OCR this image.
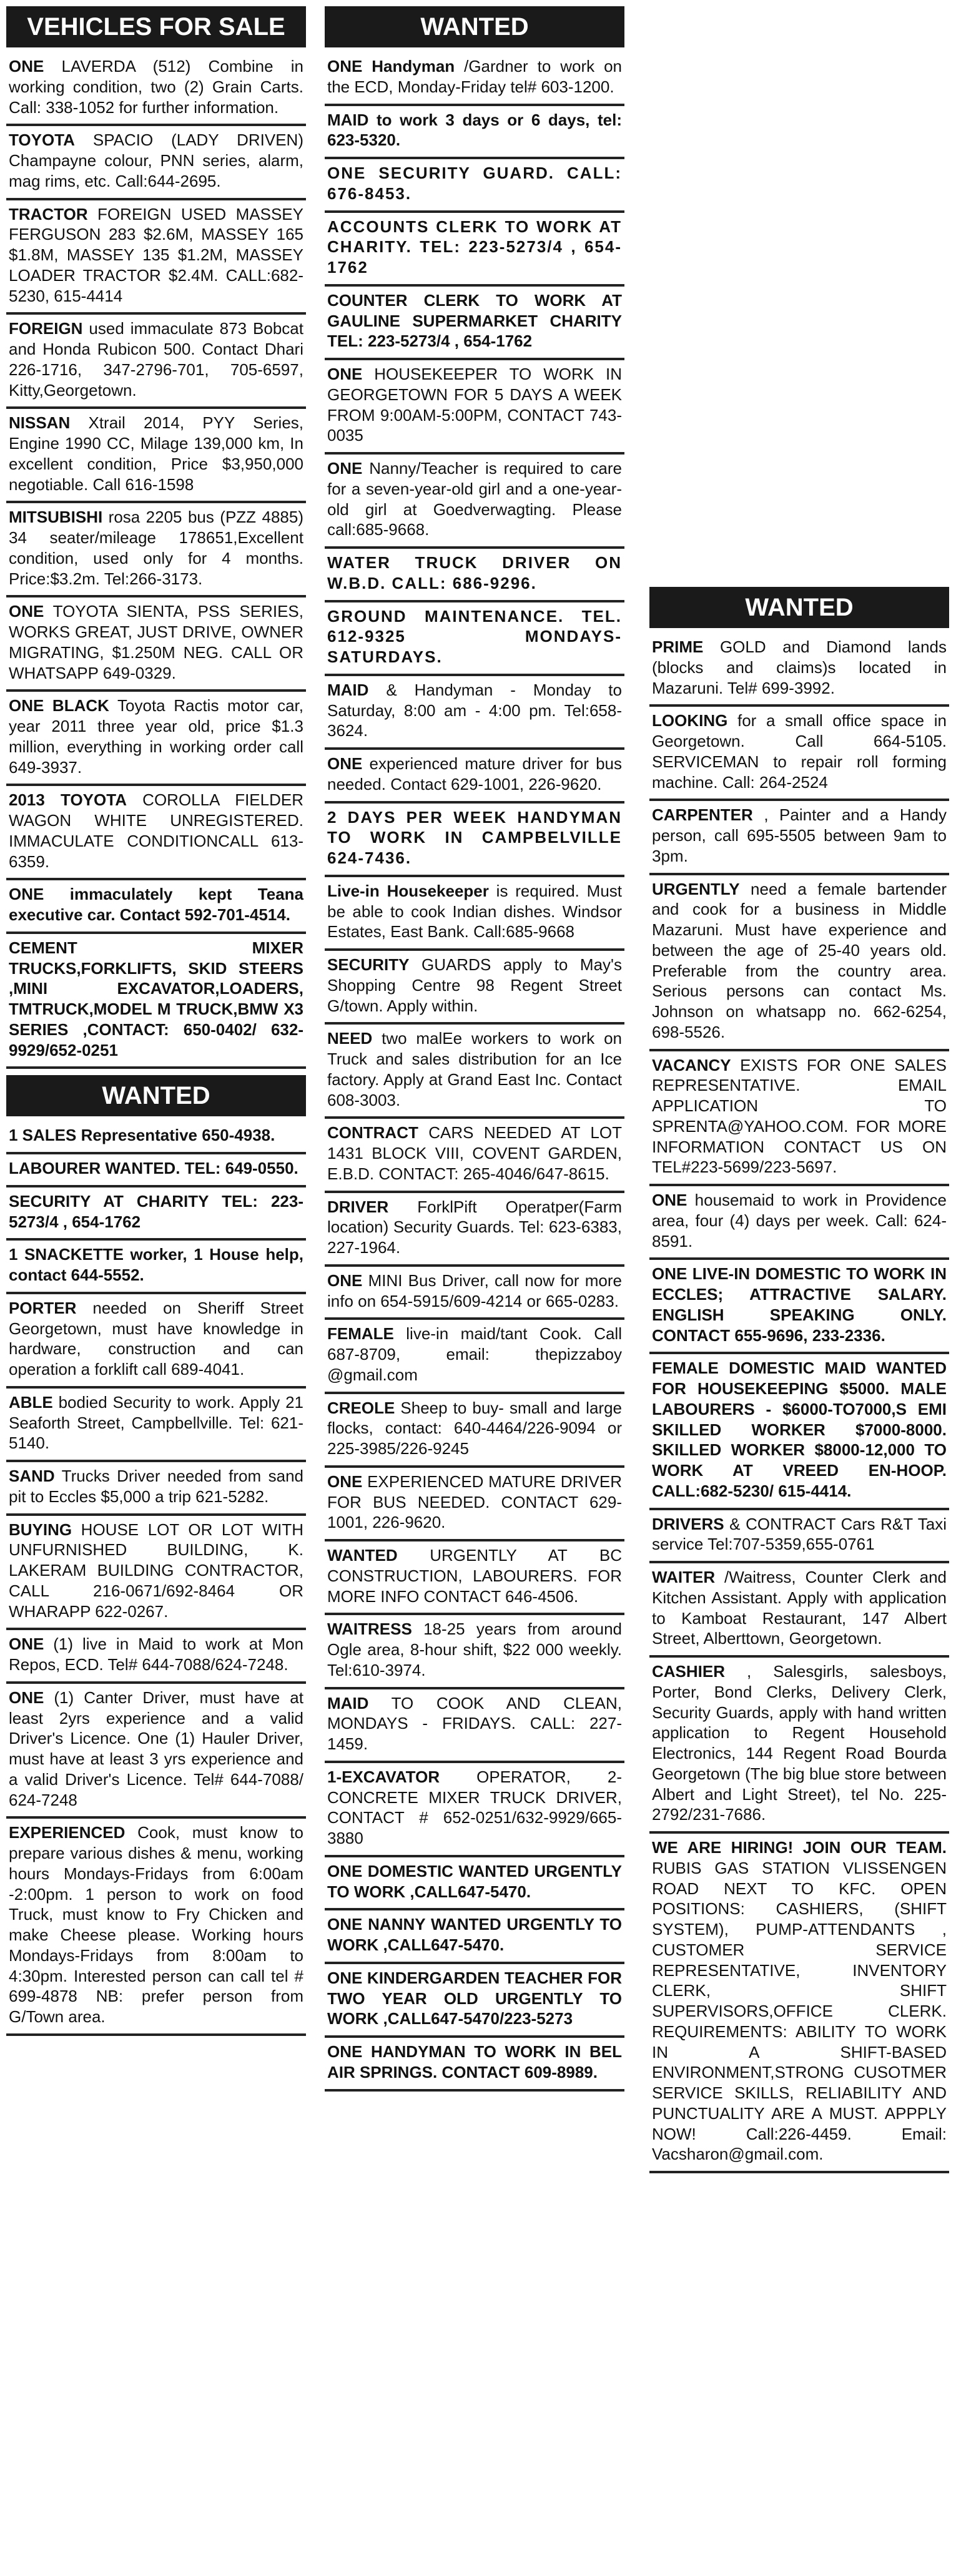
VEHICLES FOR SALE
ONE LAVERDA (512) Combine in working condition, two (2) Grain Carts. Call: 338-1052 for further information.
TOYOTA SPACIO (LADY DRIVEN) Champayne colour, PNN series, alarm, mag rims, etc. Call:644-2695.
TRACTOR FOREIGN USED MASSEY FERGUSON 283 $2.6M, MASSEY 165 $1.8M, MASSEY 135 $1.2M, MASSEY LOADER TRACTOR $2.4M. CALL:682-5230, 615-4414
FOREIGN used immaculate 873 Bobcat and Honda Rubicon 500. Contact Dhari 226-1716, 347-2796-701, 705-6597, Kitty,Georgetown.
NISSAN Xtrail 2014, PYY Series, Engine 1990 CC, Milage 139,000 km, In excellent condition, Price $3,950,000 negotiable. Call 616-1598
MITSUBISHI rosa 2205 bus (PZZ 4885) 34 seater/mileage 178651,Excellent condition, used only for 4 months. Price:$3.2m. Tel:266-3173.
ONE TOYOTA SIENTA, PSS SERIES, WORKS GREAT, JUST DRIVE, OWNER MIGRATING, $1.250M NEG. CALL OR WHATSAPP 649-0329.
ONE BLACK Toyota Ractis motor car, year 2011 three year old, price $1.3 million, everything in working order call 649-3937.
2013 TOYOTA COROLLA FIELDER WAGON WHITE UNREGISTERED. IMMACULATE CONDITIONCALL 613-6359.
ONE immaculately kept Teana executive car. Contact 592-701-4514.
CEMENT MIXER TRUCKS,FORKLIFTS, SKID STEERS ,MINI EXCAVATOR,LOADERS, TMTRUCK,MODEL M TRUCK,BMW X3 SERIES ,CONTACT: 650-0402/ 632-9929/652-0251
WANTED
1 SALES Representative 650-4938.
LABOURER WANTED. TEL: 649-0550.
SECURITY AT CHARITY TEL: 223-5273/4 , 654-1762
1 SNACKETTE worker, 1 House help, contact 644-5552.
PORTER needed on Sheriff Street Georgetown, must have knowledge in hardware, construction and can operation a forklift call 689-4041.
ABLE bodied Security to work. Apply 21 Seaforth Street, Campbellville. Tel: 621-5140.
SAND Trucks Driver needed from sand pit to Eccles $5,000 a trip 621-5282.
BUYING HOUSE LOT OR LOT WITH UNFURNISHED BUILDING, K. LAKERAM BUILDING CONTRACTOR, CALL 216-0671/692-8464 OR WHARAPP 622-0267.
ONE (1) live in Maid to work at Mon Repos, ECD. Tel# 644-7088/624-7248.
ONE (1) Canter Driver, must have at least 2yrs experience and a valid Driver's Licence. One (1) Hauler Driver, must have at least 3 yrs experience and a valid Driver's Licence. Tel# 644-7088/ 624-7248
EXPERIENCED Cook, must know to prepare various dishes & menu, working hours Mondays-Fridays from 6:00am -2:00pm. 1 person to work on food Truck, must know to Fry Chicken and make Cheese please. Working hours Mondays-Fridays from 8:00am to 4:30pm. Interested person can call tel # 699-4878 NB: prefer person from G/Town area.
WANTED
ONE Handyman /Gardner to work on the ECD, Monday-Friday tel# 603-1200.
MAID to work 3 days or 6 days, tel: 623-5320.
ONE SECURITY GUARD. CALL: 676-8453.
ACCOUNTS CLERK TO WORK AT CHARITY. TEL: 223-5273/4 , 654-1762
COUNTER CLERK TO WORK AT GAULINE SUPERMARKET CHARITY TEL: 223-5273/4 , 654-1762
ONE HOUSEKEEPER TO WORK IN GEORGETOWN FOR 5 DAYS A WEEK FROM 9:00AM-5:00PM, CONTACT 743-0035
ONE Nanny/Teacher is required to care for a seven-year-old girl and a one-year-old girl at Goedverwagting. Please call:685-9668.
WATER TRUCK DRIVER ON W.B.D. CALL: 686-9296.
GROUND MAINTENANCE. TEL. 612-9325 MONDAYS-SATURDAYS.
MAID & Handyman - Monday to Saturday, 8:00 am - 4:00 pm. Tel:658-3624.
ONE experienced mature driver for bus needed. Contact 629-1001, 226-9620.
2 DAYS PER WEEK HANDYMAN TO WORK IN CAMPBELVILLE 624-7436.
Live-in Housekeeper is required. Must be able to cook Indian dishes. Windsor Estates, East Bank. Call:685-9668
SECURITY GUARDS apply to May's Shopping Centre 98 Regent Street G/town. Apply within.
NEED two malEe workers to work on Truck and sales distribution for an Ice factory. Apply at Grand East Inc. Contact 608-3003.
CONTRACT CARS NEEDED AT LOT 1431 BLOCK VIII, COVENT GARDEN, E.B.D. CONTACT: 265-4046/647-8615.
DRIVER ForklPift Operatper(Farm location) Security Guards. Tel: 623-6383, 227-1964.
ONE MINI Bus Driver, call now for more info on 654-5915/609-4214 or 665-0283.
FEMALE live-in maid/tant Cook. Call 687-8709, email: thepizzaboy @gmail.com
CREOLE Sheep to buy- small and large flocks, contact: 640-4464/226-9094 or 225-3985/226-9245
ONE EXPERIENCED MATURE DRIVER FOR BUS NEEDED. CONTACT 629-1001, 226-9620.
WANTED URGENTLY AT BC CONSTRUCTION, LABOURERS. FOR MORE INFO CONTACT 646-4506.
WAITRESS 18-25 years from around Ogle area, 8-hour shift, $22 000 weekly. Tel:610-3974.
MAID TO COOK AND CLEAN, MONDAYS - FRIDAYS. CALL: 227-1459.
1-EXCAVATOR OPERATOR, 2- CONCRETE MIXER TRUCK DRIVER, CONTACT # 652-0251/632-9929/665-3880
ONE DOMESTIC WANTED URGENTLY TO WORK ,CALL647-5470.
ONE NANNY WANTED URGENTLY TO WORK ,CALL647-5470.
ONE KINDERGARDEN TEACHER FOR TWO YEAR OLD URGENTLY TO WORK ,CALL647-5470/223-5273
ONE HANDYMAN TO WORK IN BEL AIR SPRINGS. CONTACT 609-8989.
WANTED
PRIME GOLD and Diamond lands (blocks and claims)s located in Mazaruni. Tel# 699-3992.
LOOKING for a small office space in Georgetown. Call 664-5105. SERVICEMAN to repair roll forming machine. Call: 264-2524
CARPENTER , Painter and a Handy person, call 695-5505 between 9am to 3pm.
URGENTLY need a female bartender and cook for a business in Middle Mazaruni. Must have experience and between the age of 25-40 years old. Preferable from the country area. Serious persons can contact Ms. Johnson on whatsapp no. 662-6254, 698-5526.
VACANCY EXISTS FOR ONE SALES REPRESENTATIVE. EMAIL APPLICATION TO SPRENTA@YAHOO.COM. FOR MORE INFORMATION CONTACT US ON TEL#223-5699/223-5697.
ONE housemaid to work in Providence area, four (4) days per week. Call: 624-8591.
ONE LIVE-IN DOMESTIC TO WORK IN ECCLES; ATTRACTIVE SALARY. ENGLISH SPEAKING ONLY. CONTACT 655-9696, 233-2336.
FEMALE DOMESTIC MAID WANTED FOR HOUSEKEEPING $5000. MALE LABOURERS - $6000-TO7000,S EMI SKILLED WORKER $7000-8000. SKILLED WORKER $8000-12,000 TO WORK AT VREED EN-HOOP. CALL:682-5230/ 615-4414.
DRIVERS & CONTRACT Cars R&T Taxi service Tel:707-5359,655-0761
WAITER /Waitress, Counter Clerk and Kitchen Assistant. Apply with application to Kamboat Restaurant, 147 Albert Street, Alberttown, Georgetown.
CASHIER , Salesgirls, salesboys, Porter, Bond Clerks, Delivery Clerk, Security Guards, apply with hand written application to Regent Household Electronics, 144 Regent Road Bourda Georgetown (The big blue store between Albert and Light Street), tel No. 225-2792/231-7686.
WE ARE HIRING! JOIN OUR TEAM. RUBIS GAS STATION VLISSENGEN ROAD NEXT TO KFC. OPEN POSITIONS: CASHIERS, (SHIFT SYSTEM), PUMP-ATTENDANTS , CUSTOMER SERVICE REPRESENTATIVE, INVENTORY CLERK, SHIFT SUPERVISORS,OFFICE CLERK. REQUIREMENTS: ABILITY TO WORK IN A SHIFT-BASED ENVIRONMENT,STRONG CUSOTMER SERVICE SKILLS, RELIABILITY AND PUNCTUALITY ARE A MUST. APPPLY NOW! Call:226-4459. Email: Vacsharon@gmail.com.
